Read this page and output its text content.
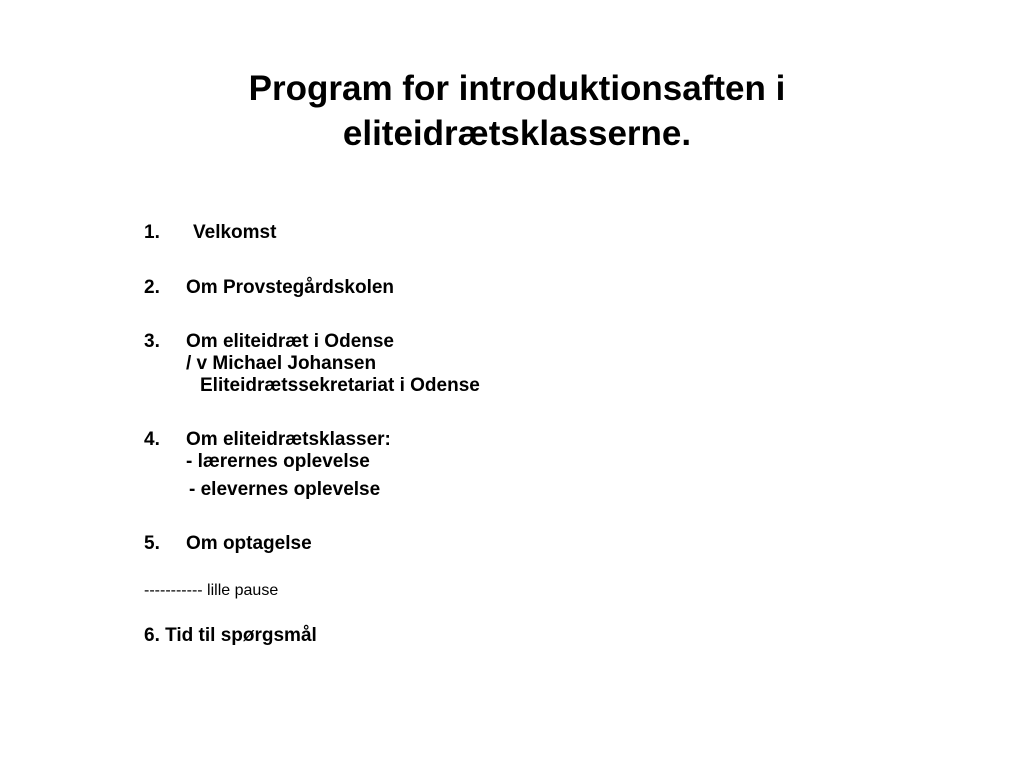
Program for introduktionsaften i
eliteidrætsklasserne.
1. Velkomst
2. Om Provstegårdskolen
3. Om eliteidræt i Odense
/ v Michael Johansen
Eliteidrætssekretariat i Odense
4. Om eliteidrætsklasser:
- lærernes oplevelse
- elevernes oplevelse
5. Om optagelse
----------- lille pause
6. Tid til spørgsmål
